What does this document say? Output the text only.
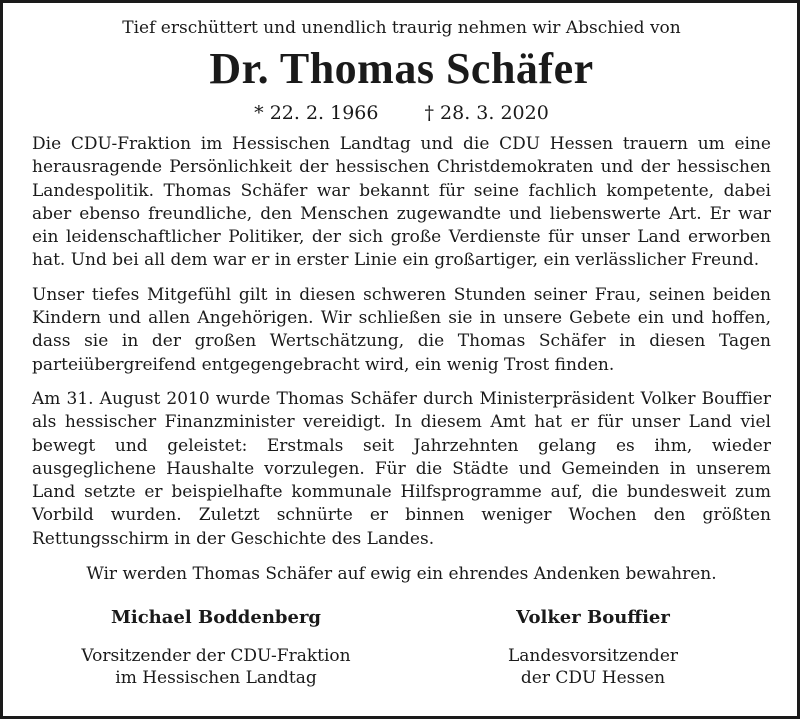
Tief erschüttert und unendlich traurig nehmen wir Abschied von

Dr. Thomas Schäfer
* 22. 2. 1966 † 28. 3. 2020

Die CDU-Fraktion im Hessischen Landtag und die CDU Hessen trauern um eine herausragende Persönlichkeit der hessischen Christdemokraten und der hessischen Landespolitik. Thomas Schäfer war bekannt für seine fachlich kompetente, dabei aber ebenso freundliche, den Menschen zugewandte und liebenswerte Art. Er war ein leidenschaftlicher Politiker, der sich große Verdienste für unser Land erworben hat. Und bei all dem war er in erster Linie ein großartiger, ein verlässlicher Freund.

Unser tiefes Mitgefühl gilt in diesen schweren Stunden seiner Frau, seinen beiden Kindern und allen Angehörigen. Wir schließen sie in unsere Gebete ein und hoffen, dass sie in der großen Wertschätzung, die Thomas Schäfer in diesen Tagen parteiübergreifend entgegengebracht wird, ein wenig Trost finden.

Am 31. August 2010 wurde Thomas Schäfer durch Ministerpräsident Volker Bouffier als hessischer Finanzminister vereidigt. In diesem Amt hat er für unser Land viel bewegt und geleistet: Erstmals seit Jahrzehnten gelang es ihm, wieder ausgeglichene Haushalte vorzulegen. Für die Städte und Gemeinden in unserem Land setzte er beispielhafte kommunale Hilfsprogramme auf, die bundesweit zum Vorbild wurden. Zuletzt schnürte er binnen weniger Wochen den größten Rettungsschirm in der Geschichte des Landes.

Wir werden Thomas Schäfer auf ewig ein ehrendes Andenken bewahren.

Michael Boddenberg

Vorsitzender der CDU-Fraktion

im Hessischen Landtag

Volker Bouffier

Landesvorsitzender

der CDU Hessen
